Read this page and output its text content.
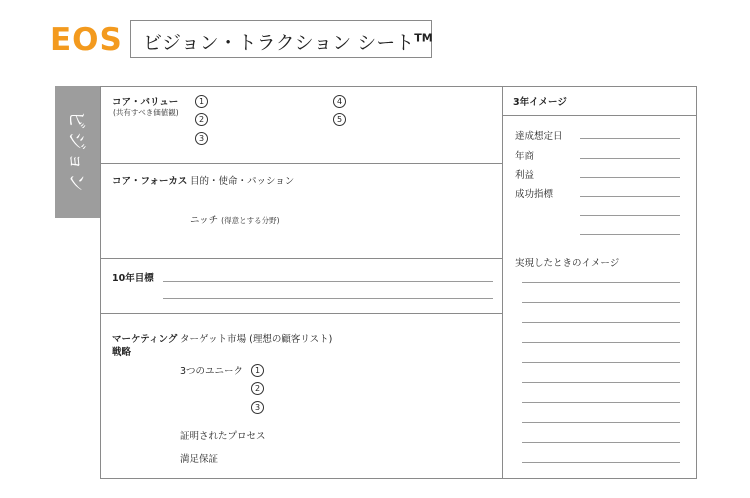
EOS ビジョン・トラクション シート™
ビジョン
コア・バリュー
(共有すべき価値観)
1
2
3
4
5
コア・フォーカス 目的・使命・パッション
ニッチ (得意とする分野)
10年目標
マーケティング
戦略
ターゲット市場 (理想の顧客リスト)
3つのユニーク	1
2
3
証明されたプロセス
満足保証
3年イメージ
達成想定日
年商
利益
成功指標
実現したときのイメージ
